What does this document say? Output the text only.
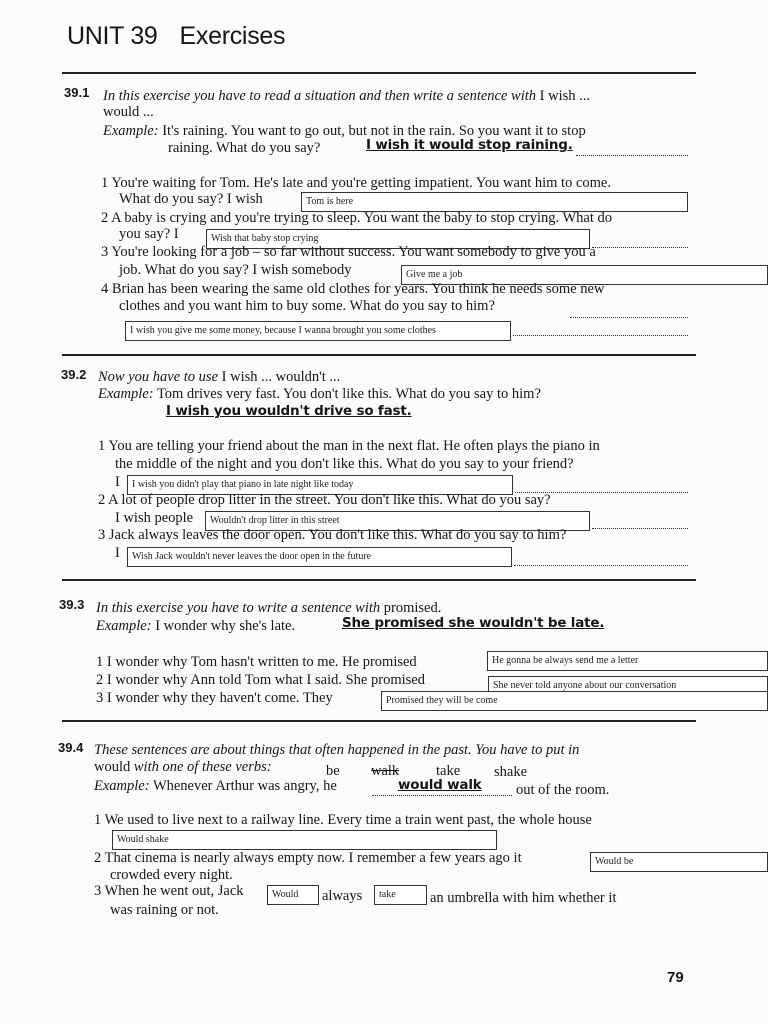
UNIT 39 Exercises
39.1 In this exercise you have to read a situation and then write a sentence with I wish ...
would ...
Example: It's raining. You want to go out, but not in the rain. So you want it to stop
raining. What do you say?	I wish it would stop raining.
1 You're waiting for Tom. He's late and you're getting impatient. You want him to come.
What do you say? I wish	Tom is here
2 A baby is crying and you're trying to sleep. You want the baby to stop crying. What do
you say? I	Wish that baby stop crying
3 You're looking for a job – so far without success. You want somebody to give you a
job. What do you say? I wish somebody	Give me a job
4 Brian has been wearing the same old clothes for years. You think he needs some new
clothes and you want him to buy some. What do you say to him?
I wish you give me some money, because I wanna brought you some clothes
39.2 Now you have to use I wish ... wouldn't ...
Example: Tom drives very fast. You don't like this. What do you say to him?
I wish you wouldn't drive so fast.
1 You are telling your friend about the man in the next flat. He often plays the piano in
the middle of the night and you don't like this. What do you say to your friend?
I	I wish you didn't play that piano in late night like today
2 A lot of people drop litter in the street. You don't like this. What do you say?
I wish people	Wouldn't drop litter in this street
3 Jack always leaves the door open. You don't like this. What do you say to him?
I	Wish Jack wouldn't never leaves the door open in the future
39.3 In this exercise you have to write a sentence with promised.
Example: I wonder why she's late.	She promised she wouldn't be late.
1 I wonder why Tom hasn't written to me. He promised	He gonna be always send me a letter
2 I wonder why Ann told Tom what I said. She promised	She never told anyone about our conversation
3 I wonder why they haven't come. They	Promised they will be come
39.4 These sentences are about things that often happened in the past. You have to put in
would with one of these verbs:	be walk	take shake
Example: Whenever Arthur was angry, he	would walk out of the room.
1 We used to live next to a railway line. Every time a train went past, the whole house
Would shake
2 That cinema is nearly always empty now. I remember a few years ago it	Would be
crowded every night.
3 When he went out, Jack	Would	always	take	an umbrella with him whether it
was raining or not.
79
